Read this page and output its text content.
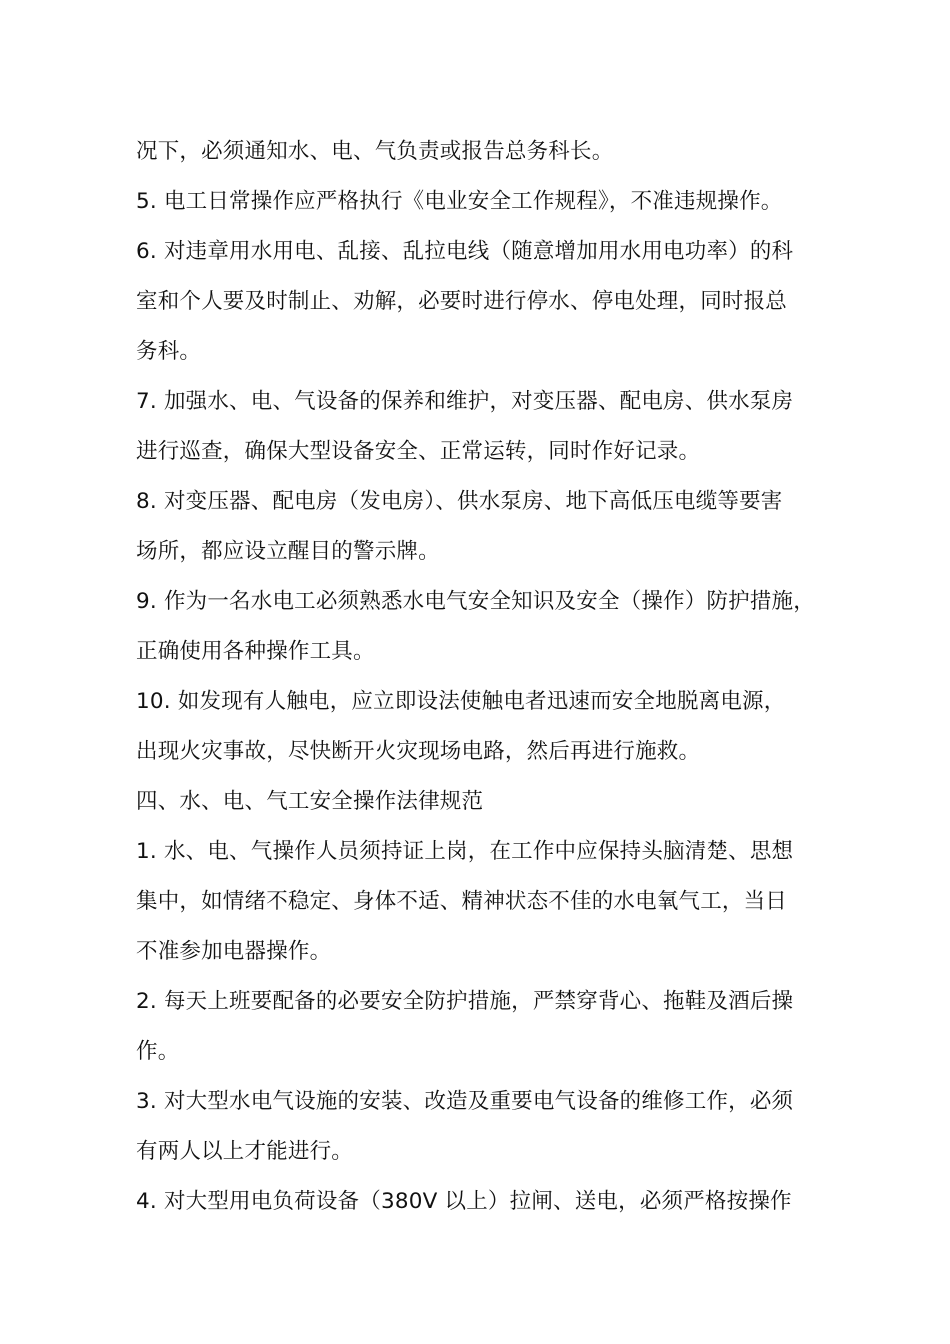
况下，必须通知水、电、气负责或报告总务科长。
5. 电工日常操作应严格执行《电业安全工作规程》，不准违规操作。
6. 对违章用水用电、乱接、乱拉电线（随意增加用水用电功率）的科
室和个人要及时制止、劝解，必要时进行停水、停电处理，同时报总
务科。
7. 加强水、电、气设备的保养和维护，对变压器、配电房、供水泵房
进行巡查，确保大型设备安全、正常运转，同时作好记录。
8. 对变压器、配电房（发电房）、供水泵房、地下高低压电缆等要害
场所，都应设立醒目的警示牌。
9. 作为一名水电工必须熟悉水电气安全知识及安全（操作）防护措施，
正确使用各种操作工具。
10. 如发现有人触电，应立即设法使触电者迅速而安全地脱离电源，
出现火灾事故，尽快断开火灾现场电路，然后再进行施救。
四、水、电、气工安全操作法律规范
1. 水、电、气操作人员须持证上岗，在工作中应保持头脑清楚、思想
集中，如情绪不稳定、身体不适、精神状态不佳的水电氧气工，当日
不准参加电器操作。
2. 每天上班要配备的必要安全防护措施，严禁穿背心、拖鞋及酒后操
作。
3. 对大型水电气设施的安装、改造及重要电气设备的维修工作，必须
有两人以上才能进行。
4. 对大型用电负荷设备（380V 以上）拉闸、送电，必须严格按操作
